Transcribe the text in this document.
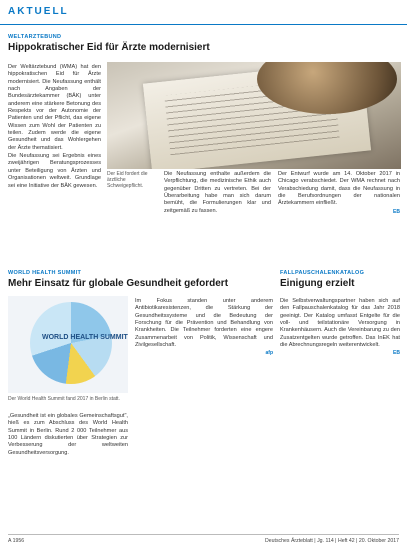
AKTUELL
WELTÄRZTEBUND
Hippokratischer Eid für Ärzte modernisiert

Der Weltärztebund (WMA) hat den hippokratischen Eid für Ärzte modernisiert. Die Neufassung enthält nach Angaben der Bundesärztekammer (BÄK) unter anderem eine stärkere Betonung des Respekts vor der Autonomie der Patienten und der Pflicht, das eigene Wissen zum Wohl der Patienten zu teilen. Zudem werde die eigene Gesundheit und das Wohlergehen der Ärzte thematisiert.

Die Neufassung sei Ergebnis eines zweijährigen Beratungsprozesses unter Beteiligung von Ärzten und Organisationen weltweit. Grundlage sei eine Initiative der BÄK gewesen.

Der Eid fordert die ärztliche Schweigepflicht.

Die Neufassung enthalte außerdem die Verpflichtung, die medizinische Ethik auch gegenüber Dritten zu vertreten. Bei der Überarbeitung habe man sich darum bemüht, die Formulierungen klar und zeitgemäß zu fassen.

Der Entwurf wurde am 14. Oktober 2017 in Chicago verabschiedet. Der WMA rechnet nach Verabschiedung damit, dass die Neufassung in die Berufsordnungen der nationalen Ärztekammern einfließt.

EB

WORLD HEALTH SUMMIT
Mehr Einsatz für globale Gesundheit gefordert
WORLD HEALTH SUMMIT
Der World Health Summit fand 2017 in Berlin statt.

„Gesundheit ist ein globales Gemeinschaftsgut", hieß es zum Abschluss des World Health Summit in Berlin. Rund 2 000 Teilnehmer aus 100 Ländern diskutierten über Strategien zur Verbesserung der weltweiten Gesundheitsversorgung.

Im Fokus standen unter anderem Antibiotikaresistenzen, die Stärkung der Gesundheitssysteme und die Bedeutung der Forschung für die Prävention und Behandlung von Krankheiten. Die Teilnehmer forderten eine engere Zusammenarbeit von Politik, Wissenschaft und Zivilgesellschaft.

afp

FALLPAUSCHALENKATALOG
Einigung erzielt

Die Selbstverwaltungspartner haben sich auf den Fallpauschalenkatalog für das Jahr 2018 geeinigt. Der Katalog umfasst Entgelte für die voll- und teilstationäre Versorgung in Krankenhäusern. Auch die Vereinbarung zu den Zusatzentgelten wurde getroffen. Das InEK hat die Abrechnungsregeln weiterentwickelt.

EB

A 1956	Deutsches Ärzteblatt | Jg. 114 | Heft 42 | 20. Oktober 2017
